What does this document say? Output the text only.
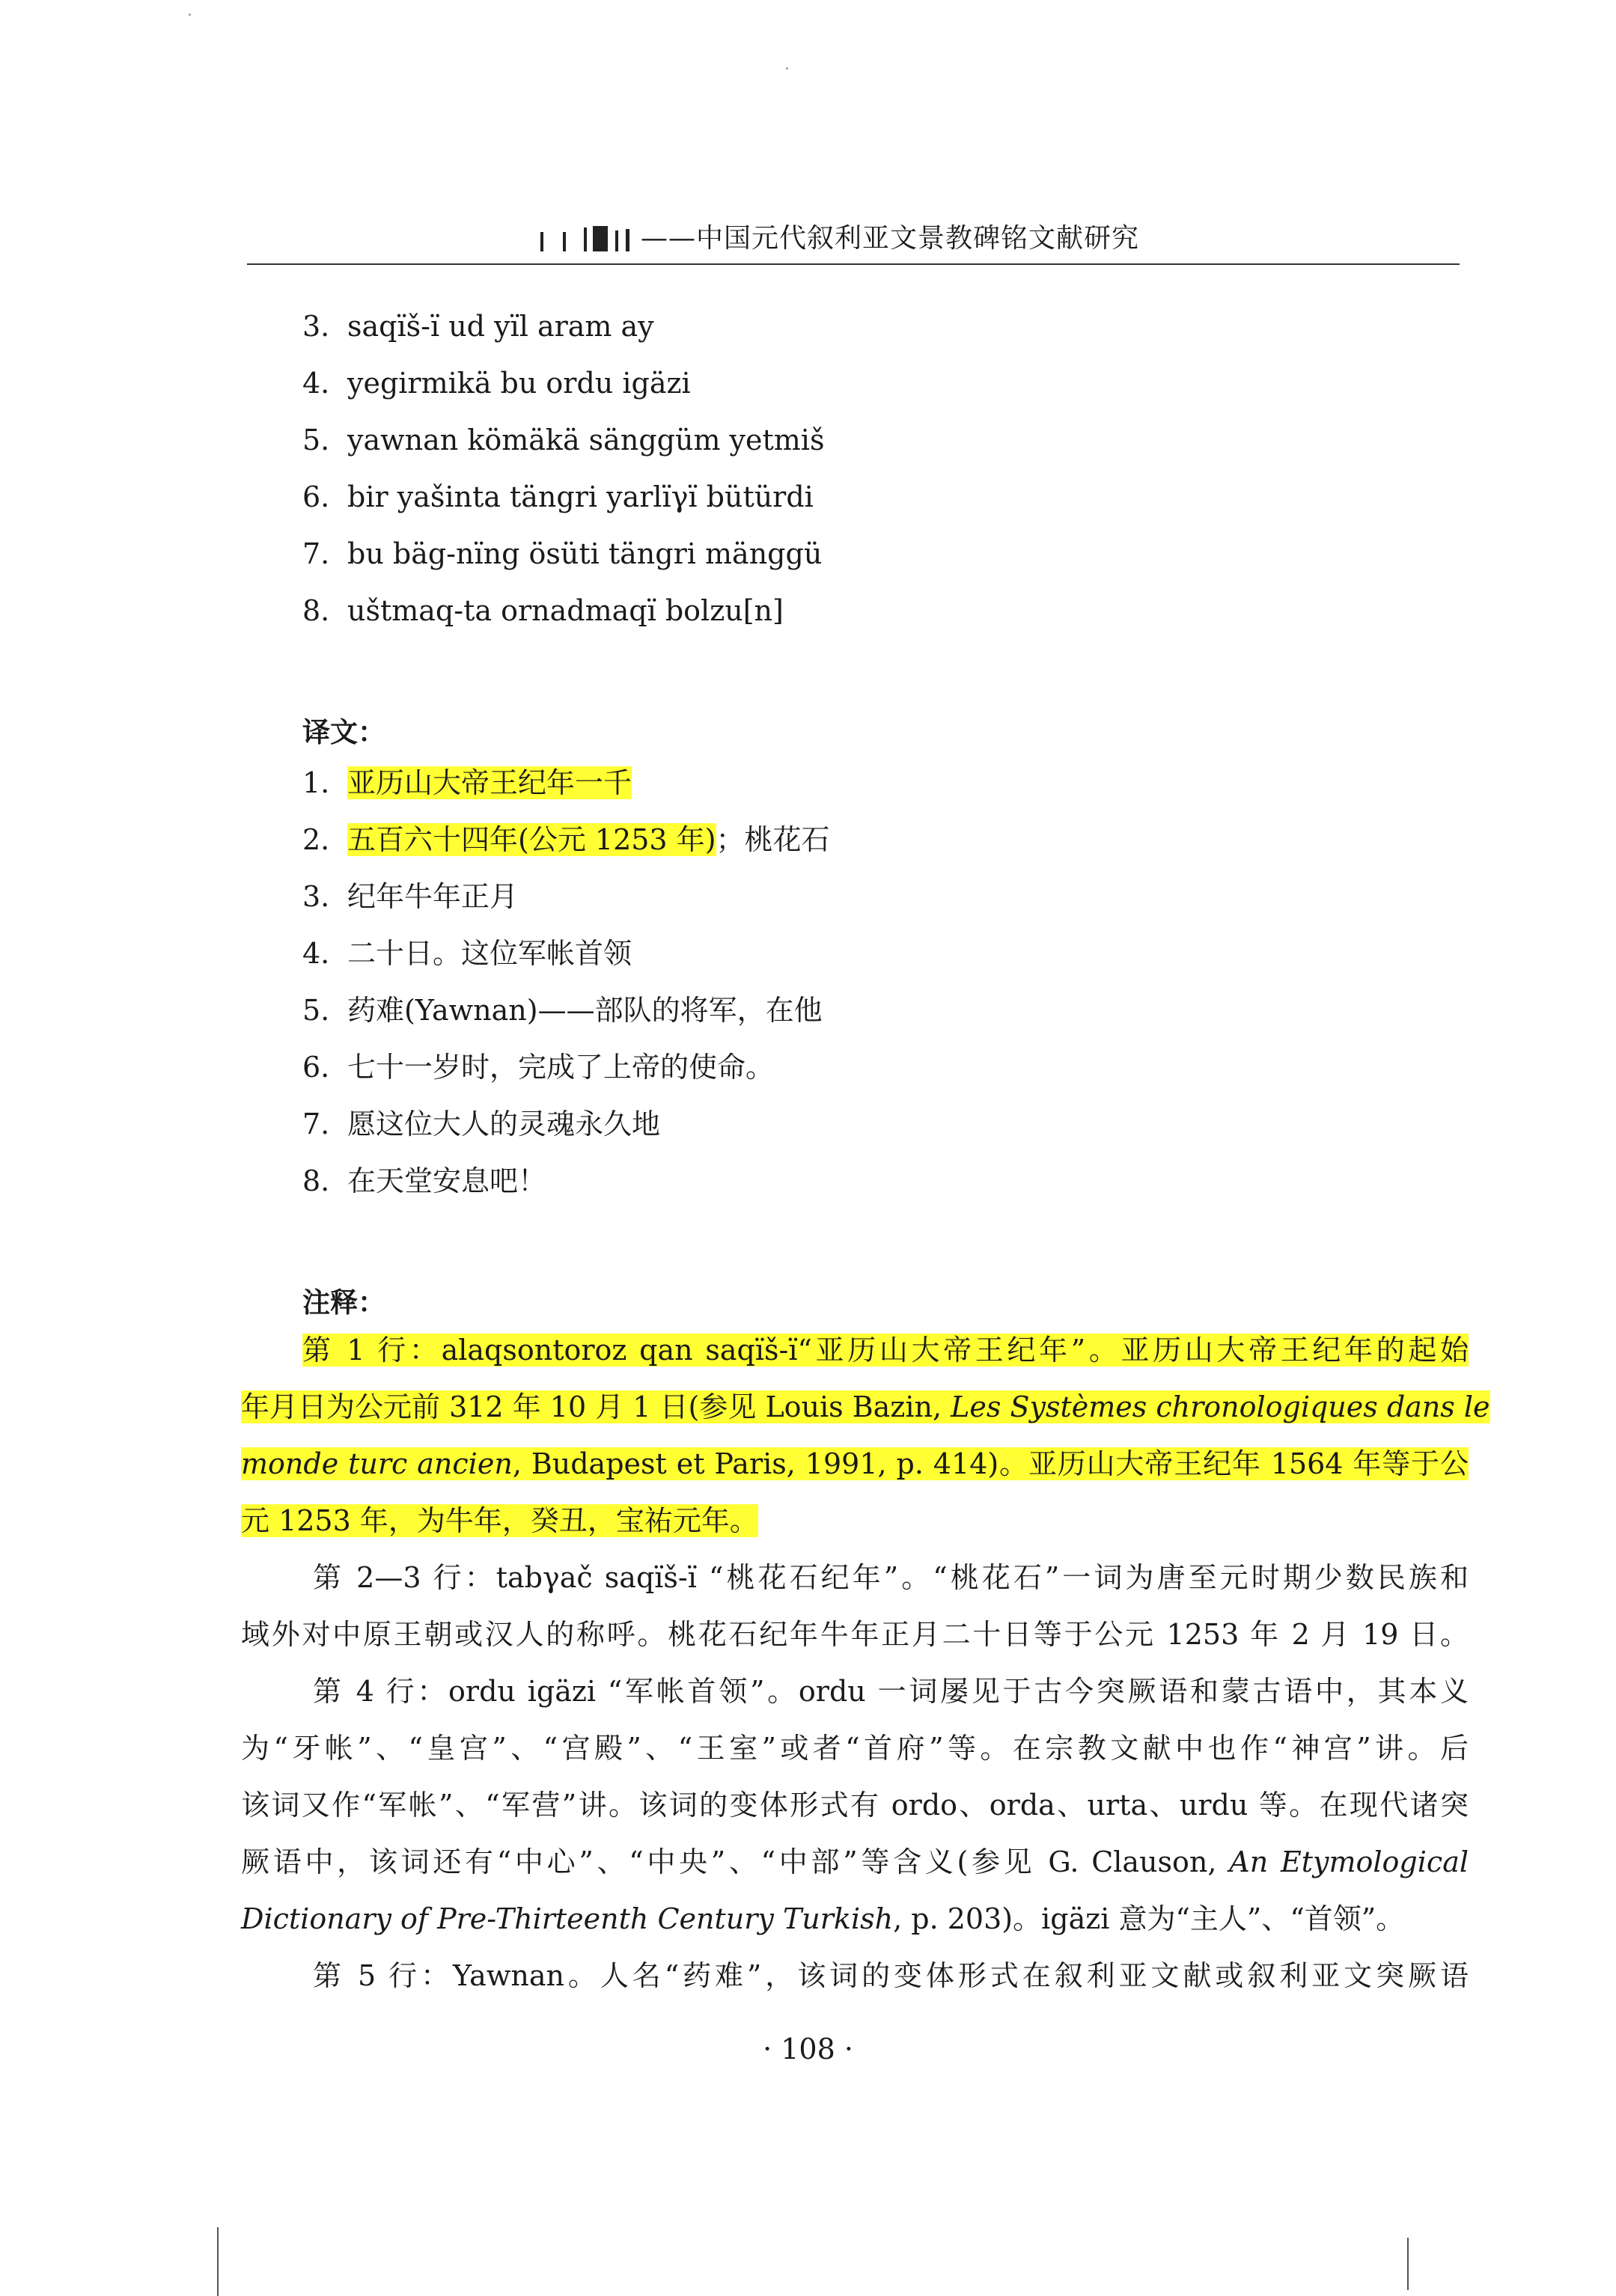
——中国元代叙利亚文景教碑铭文献研究
3. saqïš-ï ud yïl aram ay
4. yegirmikä bu ordu igäzi
5. yawnan kömäkä sänggüm yetmiš
6. bir yašinta tängri yarlïγï bütürdi
7. bu bäg-nïng ösüti tängri mänggü
8. uštmaq-ta ornadmaqï bolzu[n]
译文：
1. 亚历山大帝王纪年一千
2. 五百六十四年(公元 1253 年)；桃花石
3. 纪年牛年正月
4. 二十日。这位军帐首领
5. 药难(Yawnan)——部队的将军，在他
6. 七十一岁时，完成了上帝的使命。
7. 愿这位大人的灵魂永久地
8. 在天堂安息吧！
注释：
第 1 行：alaqsontoroz qan saqïš-ï“亚历山大帝王纪年”。亚历山大帝王纪年的起始
年月日为公元前 312 年 10 月 1 日(参见 Louis Bazin, Les Systèmes chronologiques dans le
monde turc ancien, Budapest et Paris, 1991, p. 414)。亚历山大帝王纪年 1564 年等于公
元 1253 年，为牛年，癸丑，宝祐元年。
第 2—3 行：tabγač saqïš-ï “桃花石纪年”。“桃花石”一词为唐至元时期少数民族和
域外对中原王朝或汉人的称呼。桃花石纪年牛年正月二十日等于公元 1253 年 2 月 19 日。
第 4 行：ordu igäzi “军帐首领”。ordu 一词屡见于古今突厥语和蒙古语中，其本义
为“牙帐”、“皇宫”、“宫殿”、“王室”或者“首府”等。在宗教文献中也作“神宫”讲。后
该词又作“军帐”、“军营”讲。该词的变体形式有 ordo、orda、urta、urdu 等。在现代诸突
厥语中，该词还有“中心”、“中央”、“中部”等含义(参见 G. Clauson, An Etymological
Dictionary of Pre-Thirteenth Century Turkish, p. 203)。igäzi 意为“主人”、“首领”。
第 5 行：Yawnan。人名“药难”，该词的变体形式在叙利亚文献或叙利亚文突厥语
· 108 ·
